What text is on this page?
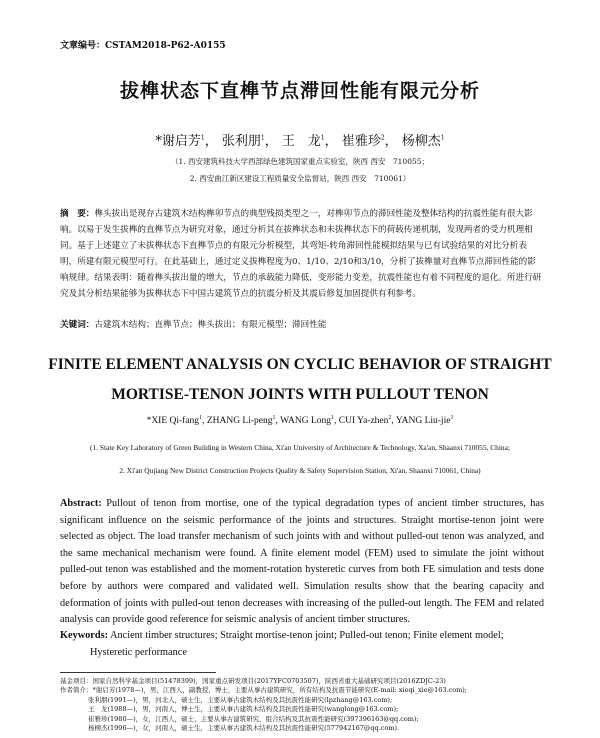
文章编号：CSTAM2018-P62-A0155
拔榫状态下直榫节点滞回性能有限元分析
*谢启芳$^1$， 张利朋$^1$， 王　龙$^1$， 崔雅珍$^2$， 杨柳杰$^1$
（1. 西安建筑科技大学西部绿色建筑国家重点实验室，陕西 西安　710055；
2. 西安曲江新区建设工程质量安全监督站，陕西 西安　710061）
摘　要：榫头拔出是现存古建筑木结构榫卯节点的典型残损类型之一，对榫卯节点的滞回性能及整体结构的抗震性能有很大影响。以易于发生拔榫的直榫节点为研究对象，通过分析其在拔榫状态和未拔榫状态下的荷载传递机制，发现两者的受力机理相同。基于上述建立了未拔榫状态下直榫节点的有限元分析模型，其弯矩-转角滞回性能模拟结果与已有试验结果的对比分析表明，所建有限元模型可行。在此基础上，通过定义拔榫程度为0、1/10、2/10和3/10，分析了拔榫量对直榫节点滞回性能的影响规律。结果表明：随着榫头拔出量的增大，节点的承载能力降低，变形能力变差，抗震性能也有着不同程度的退化。所进行研究及其分析结果能够为拔榫状态下中国古建筑节点的抗震分析及其震后修复加固提供有利参考。
关键词：古建筑木结构；直榫节点；榫头拔出；有限元模型；滞回性能
FINITE ELEMENT ANALYSIS ON CYCLIC BEHAVIOR OF STRAIGHT
MORTISE-TENON JOINTS WITH PULLOUT TENON
*XIE Qi-fang$^1$, ZHANG Li-peng$^1$, WANG Long$^1$, CUI Ya-zhen$^2$, YANG Liu-jie$^1$
(1. State Key Laboratory of Green Building in Western China, Xi'an University of Architecture & Technology, Xa'an, Shaanxi 710055, China;
2. Xi'an Qujiang New District Construction Projects Quality & Safety Supervision Station, Xi'an, Shaanxi 710061, China)
Abstract: Pullout of tenon from mortise, one of the typical degradation types of ancient timber structures, has significant influence on the seismic performance of the joints and structures. Straight mortise-tenon joint were selected as object. The load transfer mechanism of such joints with and without pulled-out tenon was analyzed, and the same mechanical mechanism were found. A finite element model (FEM) used to simulate the joint without pulled-out tenon was established and the moment-rotation hysteretic curves from both FE simulation and tests done before by authors were compared and validated well. Simulation results show that the bearing capacity and deformation of joints with pulled-out tenon decreases with increasing of the pulled-out length. The FEM and related analysis can provide good reference for seismic analysis of ancient timber structures.
Keywords: Ancient timber structures; Straight mortise-tenon joint; Pulled-out tenon; Finite element model;
Hysteretic performance
基金项目：国家自然科学基金项目(51478399)，国家重点研发项目(2017YFC0703507)，陕西省重大基础研究项目(2016ZDJC-23)
作者简介：*谢启芳(1978—)，男，江西人，副教授，博士，主要从事古建筑研究，所有结构及抗震节能研究(E-mail: xieqi_xie@163.com);
张利朋(1991—)，男，河北人，硕士生，主要从事古建筑木结构及其抗震性能研究(lpzhang@163.com);
王　龙(1988—)，男，河南人，博士生，主要从事古建筑木结构及其抗震性能研究(wanglong@163.com);
崔雅珍(1980—)，女，江西人，硕士，主要从事古建筑研究，组合结构及其抗震性能研究(397396163@qq.com);
杨柳杰(1996—)，女，河南人，硕士生，主要从事古建筑木结构及其抗震性能研究(577942167@qq.com).
